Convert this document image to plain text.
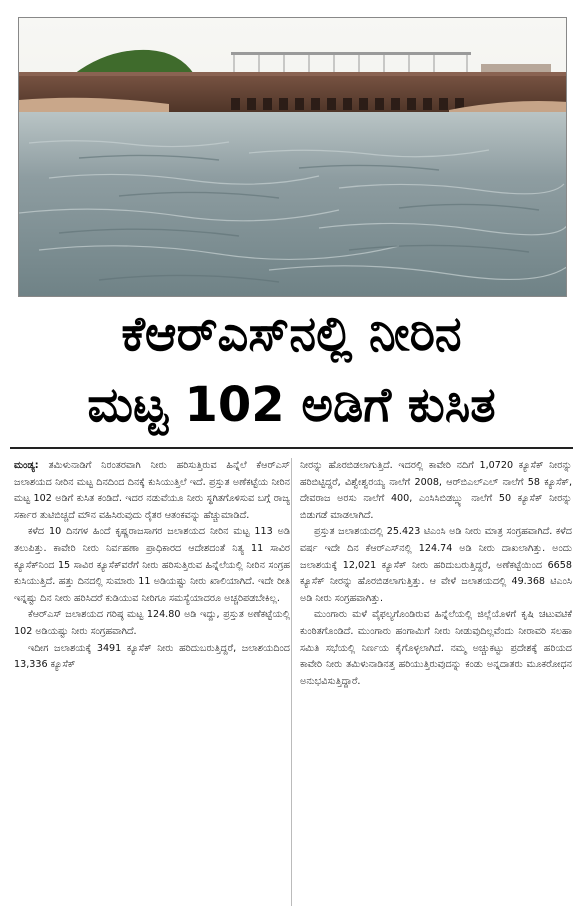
ಕೆಆರ್‌ಎಸ್‌ನಲ್ಲಿ ನೀರಿನ
ಮಟ್ಟ 102 ಅಡಿಗೆ ಕುಸಿತ

ಮಂಡ್ಯ: ತಮಿಳುನಾಡಿಗೆ ನಿರಂತರವಾಗಿ ನೀರು ಹರಿಸುತ್ತಿರುವ ಹಿನ್ನೆಲೆ ಕೆಆರ್‌ಎಸ್ ಜಲಾಶಯದ ನೀರಿನ ಮಟ್ಟ ದಿನದಿಂದ ದಿನಕ್ಕೆ ಕುಸಿಯುತ್ತಿಲೆ ಇದೆ. ಪ್ರಸ್ತುತ ಅಣೆಕಟ್ಟೆಯ ನೀರಿನ ಮಟ್ಟ 102 ಅಡಿಗೆ ಕುಸಿತ ಕಂಡಿದೆ. ಇದರ ನಡುವೆಯೂ ನೀರು ಸ್ಥಗಿತಗೊಳಿಸುವ ಬಗ್ಗೆ ರಾಜ್ಯ ಸರ್ಕಾರ ತುಟಿಬಿಚ್ಚದೆ ಮೌನ ವಹಿಸಿರುವುದು ರೈತರ ಆತಂಕವನ್ನು ಹೆಚ್ಚುಮಾಡಿದೆ.

ಕಳೆದ 10 ದಿನಗಳ ಹಿಂದೆ ಕೃಷ್ಣರಾಜಸಾಗರ ಜಲಾಶಯದ ನೀರಿನ ಮಟ್ಟ 113 ಅಡಿ ತಲುಪಿತ್ತು. ಕಾವೇರಿ ನೀರು ನಿರ್ವಹಣಾ ಪ್ರಾಧಿಕಾರದ ಆದೇಶದಂತೆ ನಿತ್ಯ 11 ಸಾವಿರ ಕ್ಯೂಸೆಕ್‌ನಿಂದ 15 ಸಾವಿರ ಕ್ಯೂಸೆಕ್‌ವರೆಗೆ ನೀರು ಹರಿಸುತ್ತಿರುವ ಹಿನ್ನೆಲೆಯಲ್ಲಿ ನೀರಿನ ಸಂಗ್ರಹ ಕುಸಿಯುತ್ತಿದೆ. ಹತ್ತು ದಿನದಲ್ಲಿ ಸುಮಾರು 11 ಅಡಿಯಷ್ಟು ನೀರು ಖಾಲಿಯಾಗಿದೆ. ಇದೇ ರೀತಿ ಇನ್ನಷ್ಟು ದಿನ ನೀರು ಹರಿಸಿದರೆ ಕುಡಿಯುವ ನೀರಿಗೂ ಸಮಸ್ಯೆಯಾದರೂ ಅಚ್ಚರಿಪಡಬೇಕಿಲ್ಲ.

ಕೆಆರ್‌ಎಸ್ ಜಲಾಶಯದ ಗರಿಷ್ಠ ಮಟ್ಟ 124.80 ಅಡಿ ಇದ್ದು, ಪ್ರಸ್ತುತ ಅಣೆಕಟ್ಟೆಯಲ್ಲಿ 102 ಅಡಿಯಷ್ಟು ನೀರು ಸಂಗ್ರಹವಾಗಿದೆ.

ಇದೀಗ ಜಲಾಶಯಕ್ಕೆ 3491 ಕ್ಯೂಸೆಕ್ ನೀರು ಹರಿದುಬರುತ್ತಿದ್ದರೆ, ಜಲಾಶಯದಿಂದ 13,336 ಕ್ಯೂಸೆಕ್

ನೀರನ್ನು ಹೊರಬಿಡಲಾಗುತ್ತಿದೆ. ಇದರಲ್ಲಿ ಕಾವೇರಿ ನದಿಗೆ 1,0720 ಕ್ಯೂಸೆಕ್ ನೀರನ್ನು ಹರಿಬಿಟ್ಟಿದ್ದರೆ, ವಿಶ್ವೇಶ್ವರಯ್ಯ ನಾಲೆಗೆ 2008, ಆರ್‌ಬಿಎಲ್‌ಎಲ್ ನಾಲೆಗೆ 58 ಕ್ಯೂಸೆಕ್, ದೇವರಾಜ ಅರಸು ನಾಲೆಗೆ 400, ಎಂಸಿಸಿಬಿಡಬ್ಲ್ಯು ನಾಲೆಗೆ 50 ಕ್ಯೂಸೆಕ್ ನೀರನ್ನು ಬಿಡುಗಡೆ ಮಾಡಲಾಗಿದೆ.

ಪ್ರಸ್ತುತ ಜಲಾಶಯದಲ್ಲಿ 25.423 ಟಿಎಂಸಿ ಅಡಿ ನೀರು ಮಾತ್ರ ಸಂಗ್ರಹವಾಗಿದೆ. ಕಳೆದ ವರ್ಷ ಇದೇ ದಿನ ಕೆಆರ್‌ಎಸ್‌ನಲ್ಲಿ 124.74 ಅಡಿ ನೀರು ದಾಖಲಾಗಿತ್ತು. ಅಂದು ಜಲಾಶಯಕ್ಕೆ 12,021 ಕ್ಯೂಸೆಕ್ ನೀರು ಹರಿದುಬರುತ್ತಿದ್ದರೆ, ಅಣೆಕಟ್ಟೆಯಿಂದ 6658 ಕ್ಯೂಸೆಕ್ ನೀರನ್ನು ಹೊರಬಿಡಲಾಗುತ್ತಿತ್ತು. ಆ ವೇಳೆ ಜಲಾಶಯದಲ್ಲಿ 49.368 ಟಿಎಂಸಿ ಅಡಿ ನೀರು ಸಂಗ್ರಹವಾಗಿತ್ತು.

ಮುಂಗಾರು ಮಳೆ ವೈಫಲ್ಯಗೊಂಡಿರುವ ಹಿನ್ನೆಲೆಯಲ್ಲಿ ಜಿಲ್ಲೆಯೊಳಗೆ ಕೃಷಿ ಚಟುವಟಿಕೆ ಕುಂಠಿತಗೊಂಡಿದೆ. ಮುಂಗಾರು ಹಂಗಾಮಿಗೆ ನೀರು ನೀಡುವುದಿಲ್ಲವೆಂದು ನೀರಾವರಿ ಸಲಹಾ ಸಮಿತಿ ಸಭೆಯಲ್ಲಿ ನಿರ್ಣಯ ಕೈಗೊಳ್ಳಲಾಗಿದೆ. ನಮ್ಮ ಅಚ್ಚುಕಟ್ಟು ಪ್ರದೇಶಕ್ಕೆ ಹರಿಯದ ಕಾವೇರಿ ನೀರು ತಮಿಳುನಾಡಿನತ್ತ ಹರಿಯುತ್ತಿರುವುದನ್ನು ಕಂಡು ಅನ್ನದಾತರು ಮೂಕರೋಧನ ಅನುಭವಿಸುತ್ತಿದ್ದಾರೆ.
